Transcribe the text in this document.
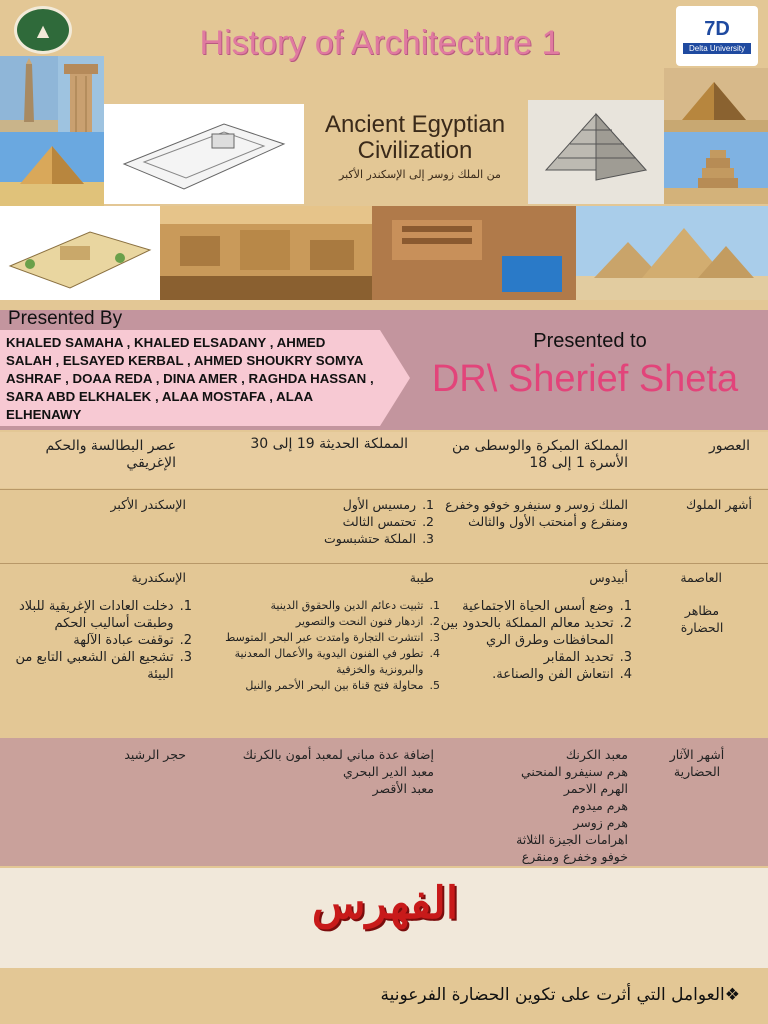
▲	7D
Delta University
History of Architecture 1
Ancient Egyptian
Civilization
من الملك زوسر إلى الإسكندر الأكبر
Presented By
KHALED SAMAHA , KHALED ELSADANY , AHMED SALAH , ELSAYED KERBAL , AHMED SHOUKRY SOMYA ASHRAF , DOAA REDA , DINA AMER , RAGHDA HASSAN , SARA ABD ELKHALEK , ALAA MOSTAFA , ALAA ELHENAWY
Presented to
DR\ Sherief Sheta
العصور
المملكة المبكرة والوسطى من الأسرة 1 إلى 18
المملكة الحديثة 19 إلى 30
عصر البطالسة والحكم الإغريقي
أشهر الملوك
الملك زوسر و سنيفرو خوفو وخفرع ومنقرع و أمنحتب الأول والثالث
1.
رمسيس الأول
2.
تحتمس الثالث
3.
الملكة حتشبسوت
الإسكندر الأكبر
العاصمة
أبيدوس
طيبة
الإسكندرية
مظاهر الحضارة
1.
وضع أسس الحياة الاجتماعية
2.
تحديد معالم المملكة بالحدود بين المحافظات وطرق الري
3.
تحديد المقابر
4.
انتعاش الفن والصناعة.
1.
تثبيت دعائم الدين والحقوق الدينية
2.
ازدهار فنون النحت والتصوير
3.
انتشرت التجارة وامتدت عبر البحر المتوسط
4.
تطور في الفنون اليدوية والأعمال المعدنية والبرونزية والخزفية
5.
محاولة فتح قناة بين البحر الأحمر والنيل
1.
دخلت العادات الإغريقية للبلاد وطبقت أساليب الحكم
2.
توقفت عبادة الآلهة
3.
تشجيع الفن الشعبي التابع من البيئة
أشهر الآثار الحضارية
معبد الكرنك
هرم سنيفرو المنحني
الهرم الاحمر
هرم ميدوم
هرم زوسر
اهرامات الجيزة الثلاثة
خوفو وخفرع ومنقرع
إضافة عدة مباني لمعبد أمون بالكرنك
معبد الدير البحري
معبد الأقصر
حجر الرشيد
الفهرس
❖العوامل التي أثرت على تكوين الحضارة الفرعونية
